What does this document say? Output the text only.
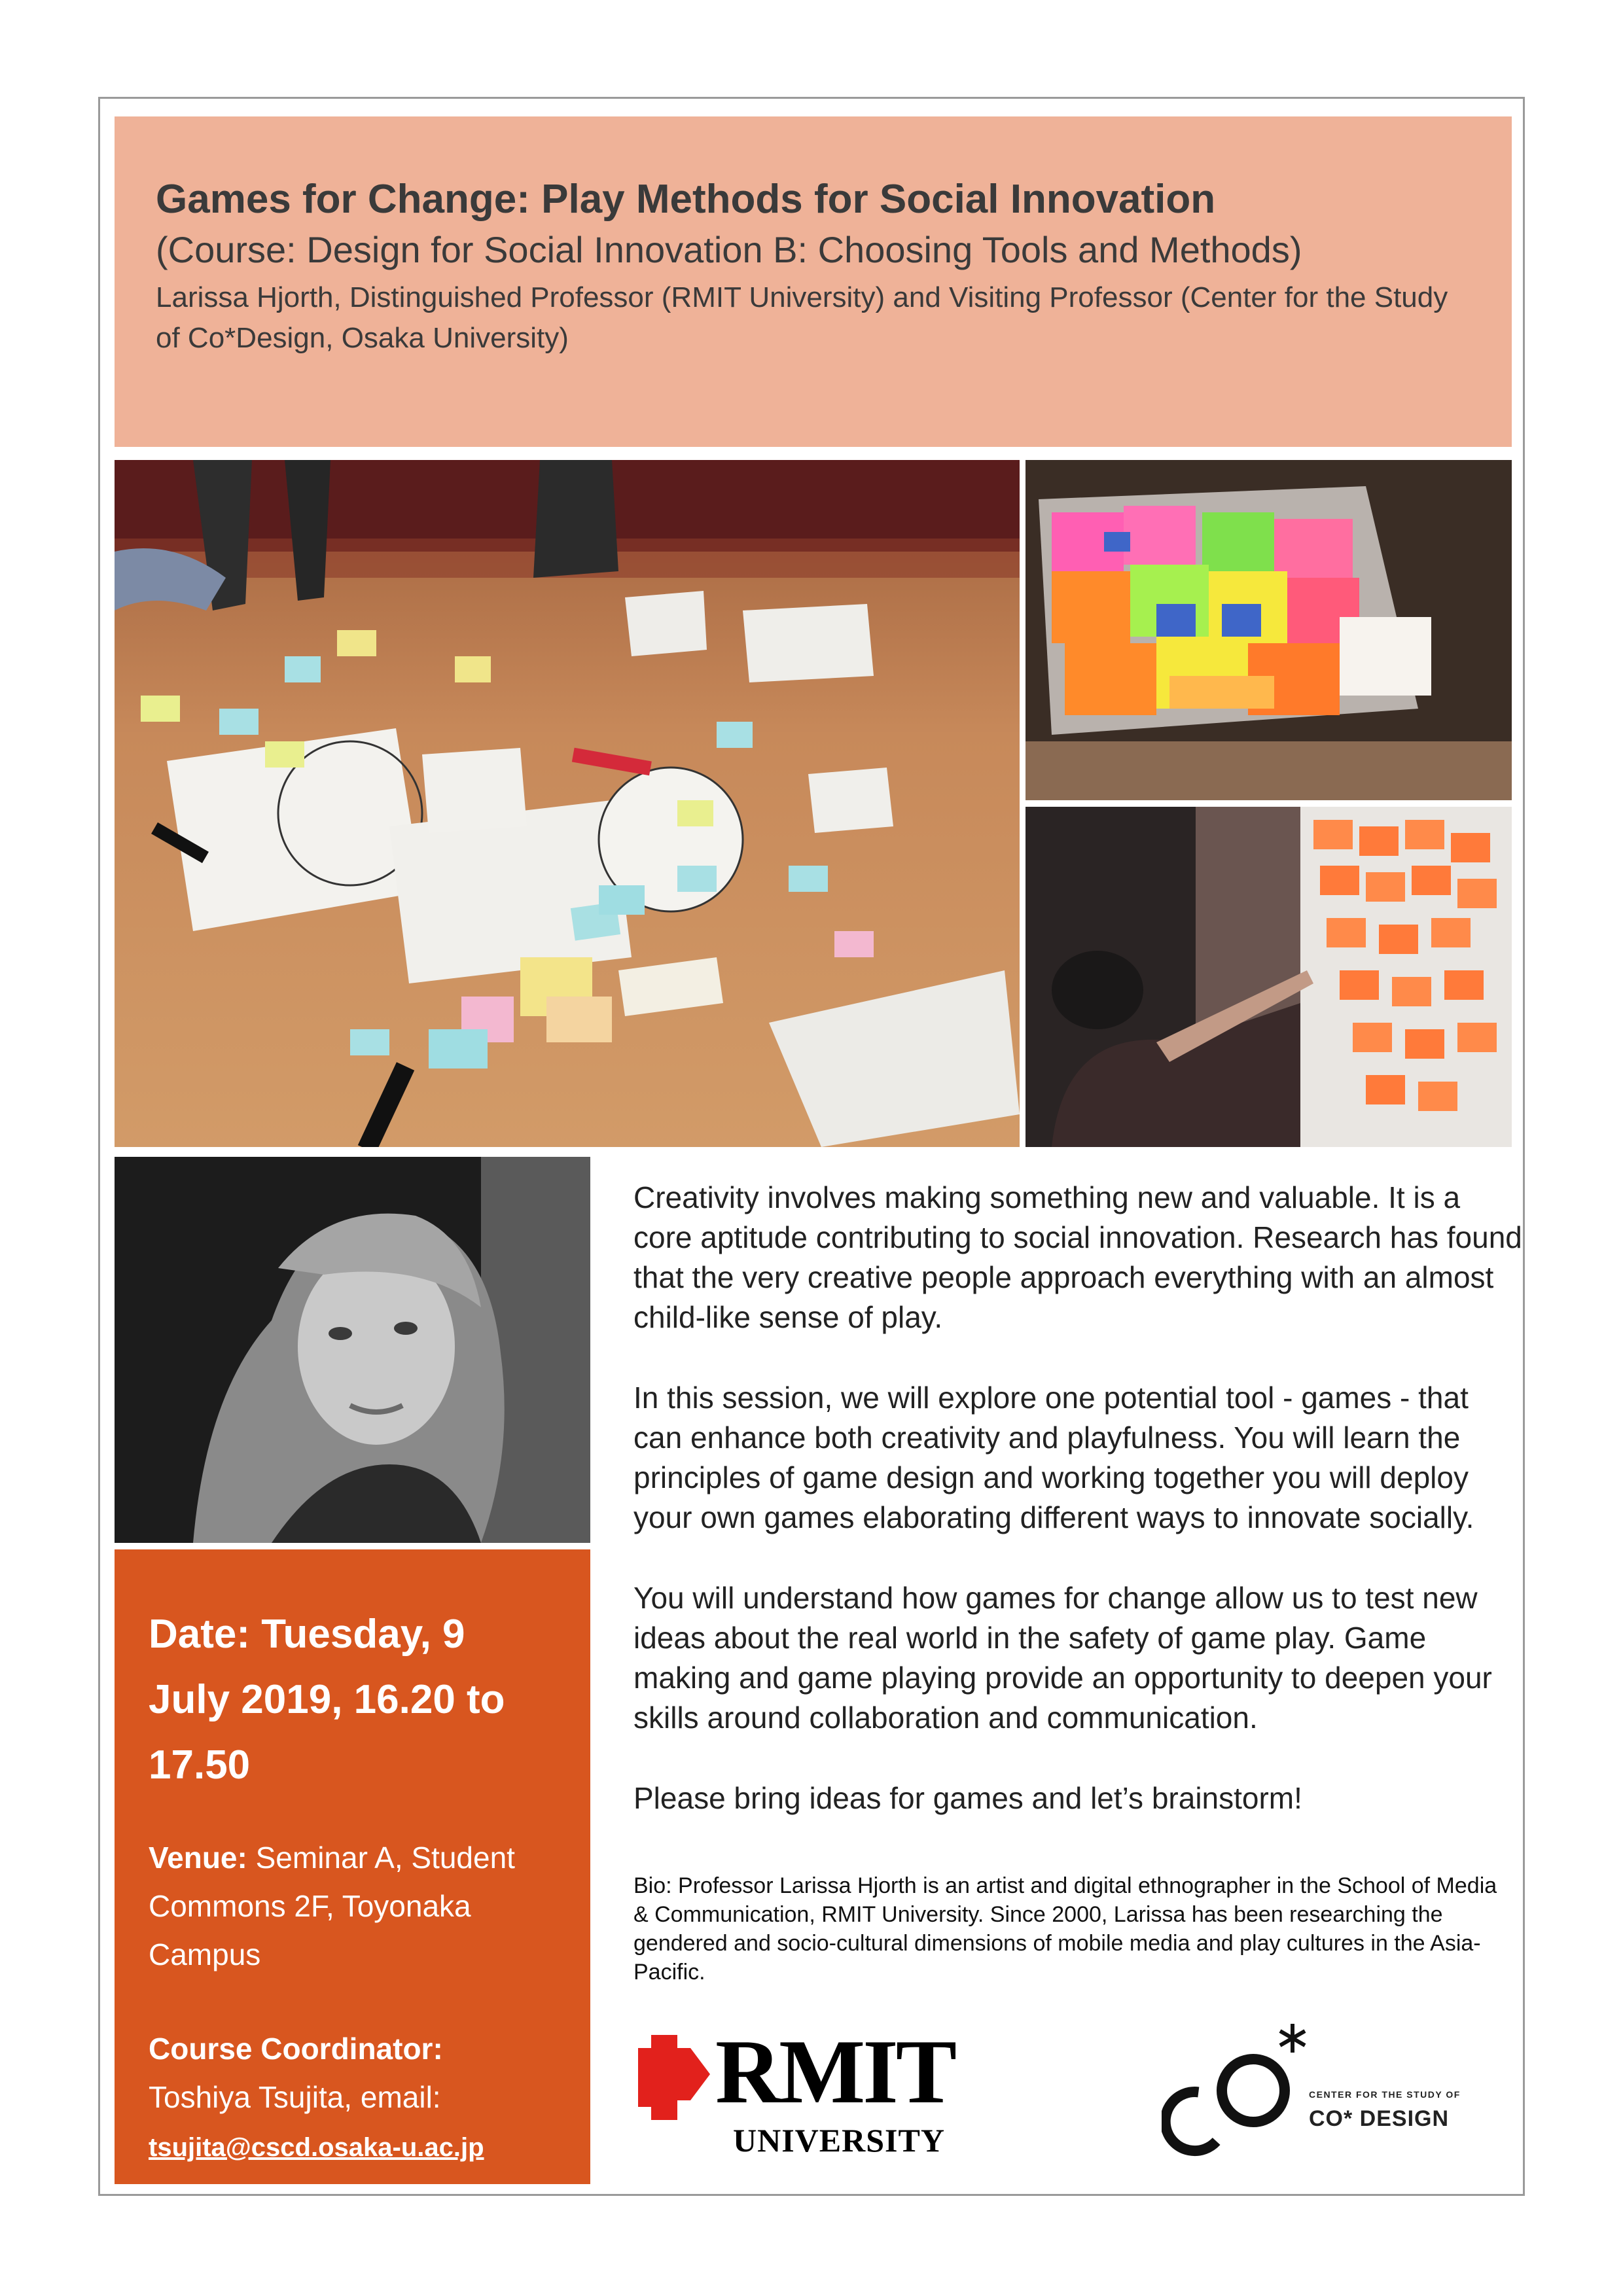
Games for Change: Play Methods for Social Innovation

(Course: Design for Social Innovation B: Choosing Tools and Methods)

Larissa Hjorth, Distinguished Professor (RMIT University) and Visiting Professor (Center for the Study of Co*Design, Osaka University)

Date: Tuesday, 9

July 2019, 16.20 to

17.50

Venue: Seminar A, Student Commons 2F, Toyonaka Campus

Course Coordinator:
Toshiya Tsujita, email:
tsujita@cscd.osaka-u.ac.jp

Creativity involves making something new and valuable. It is a core aptitude contributing to social innovation. Research has found that the very creative people approach everything with an almost child-like sense of play.

In this session, we will explore one potential tool - games - that can enhance both creativity and playfulness. You will learn the principles of game design and working together you will deploy your own games elaborating different ways to innovate socially.

You will understand how games for change allow us to test new ideas about the real world in the safety of game play. Game making and game playing provide an opportunity to deepen your skills around collaboration and communication.

Please bring ideas for games and let’s brainstorm!

Bio: Professor Larissa Hjorth is an artist and digital ethnographer in the School of Media & Communication, RMIT University. Since 2000, Larissa has been researching the gendered and socio-cultural dimensions of mobile media and play cultures in the Asia-Pacific.

RMIT
UNIVERSITY
CENTER FOR THE STUDY OF
CO* DESIGN
